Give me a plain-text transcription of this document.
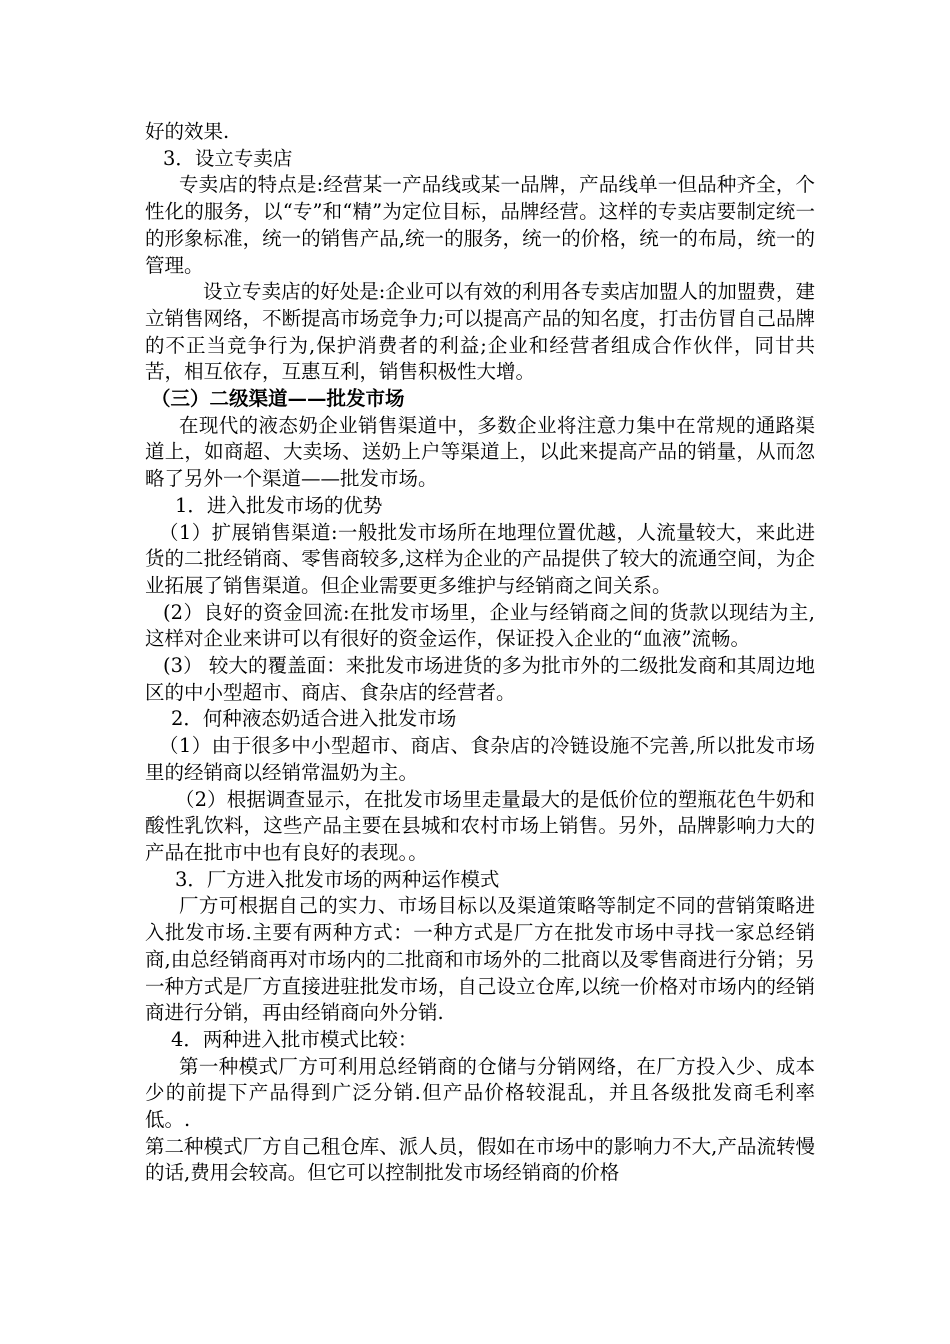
好的效果.

3．设立专卖店

专卖店的特点是:经营某一产品线或某一品牌，产品线单一但品种齐全，个性化的服务，以“专”和“精”为定位目标，品牌经营。这样的专卖店要制定统一的形象标准，统一的销售产品,统一的服务，统一的价格，统一的布局，统一的管理。

设立专卖店的好处是:企业可以有效的利用各专卖店加盟人的加盟费，建立销售网络，不断提高市场竞争力;可以提高产品的知名度，打击仿冒自己品牌的不正当竞争行为,保护消费者的利益;企业和经营者组成合作伙伴，同甘共苦，相互依存，互惠互利，销售积极性大增。

（三）二级渠道——批发市场

在现代的液态奶企业销售渠道中，多数企业将注意力集中在常规的通路渠道上，如商超、大卖场、送奶上户等渠道上，以此来提高产品的销量，从而忽略了另外一个渠道——批发市场。

1．进入批发市场的优势

（1）扩展销售渠道:一般批发市场所在地理位置优越，人流量较大，来此进货的二批经销商、零售商较多,这样为企业的产品提供了较大的流通空间，为企业拓展了销售渠道。但企业需要更多维护与经销商之间关系。

(2）良好的资金回流:在批发市场里，企业与经销商之间的货款以现结为主,这样对企业来讲可以有很好的资金运作，保证投入企业的“血液”流畅。

(3） 较大的覆盖面：来批发市场进货的多为批市外的二级批发商和其周边地区的中小型超市、商店、食杂店的经营者。

2．何种液态奶适合进入批发市场

（1）由于很多中小型超市、商店、食杂店的冷链设施不完善,所以批发市场里的经销商以经销常温奶为主。

（2）根据调查显示，在批发市场里走量最大的是低价位的塑瓶花色牛奶和酸性乳饮料，这些产品主要在县城和农村市场上销售。另外，品牌影响力大的产品在批市中也有良好的表现。。

3．厂方进入批发市场的两种运作模式

厂方可根据自己的实力、市场目标以及渠道策略等制定不同的营销策略进入批发市场.主要有两种方式：一种方式是厂方在批发市场中寻找一家总经销商,由总经销商再对市场内的二批商和市场外的二批商以及零售商进行分销；另一种方式是厂方直接进驻批发市场，自己设立仓库,以统一价格对市场内的经销商进行分销，再由经销商向外分销.

4．两种进入批市模式比较：

第一种模式厂方可利用总经销商的仓储与分销网络，在厂方投入少、成本少的前提下产品得到广泛分销.但产品价格较混乱，并且各级批发商毛利率低。.

第二种模式厂方自己租仓库、派人员，假如在市场中的影响力不大,产品流转慢的话,费用会较高。但它可以控制批发市场经销商的价格
